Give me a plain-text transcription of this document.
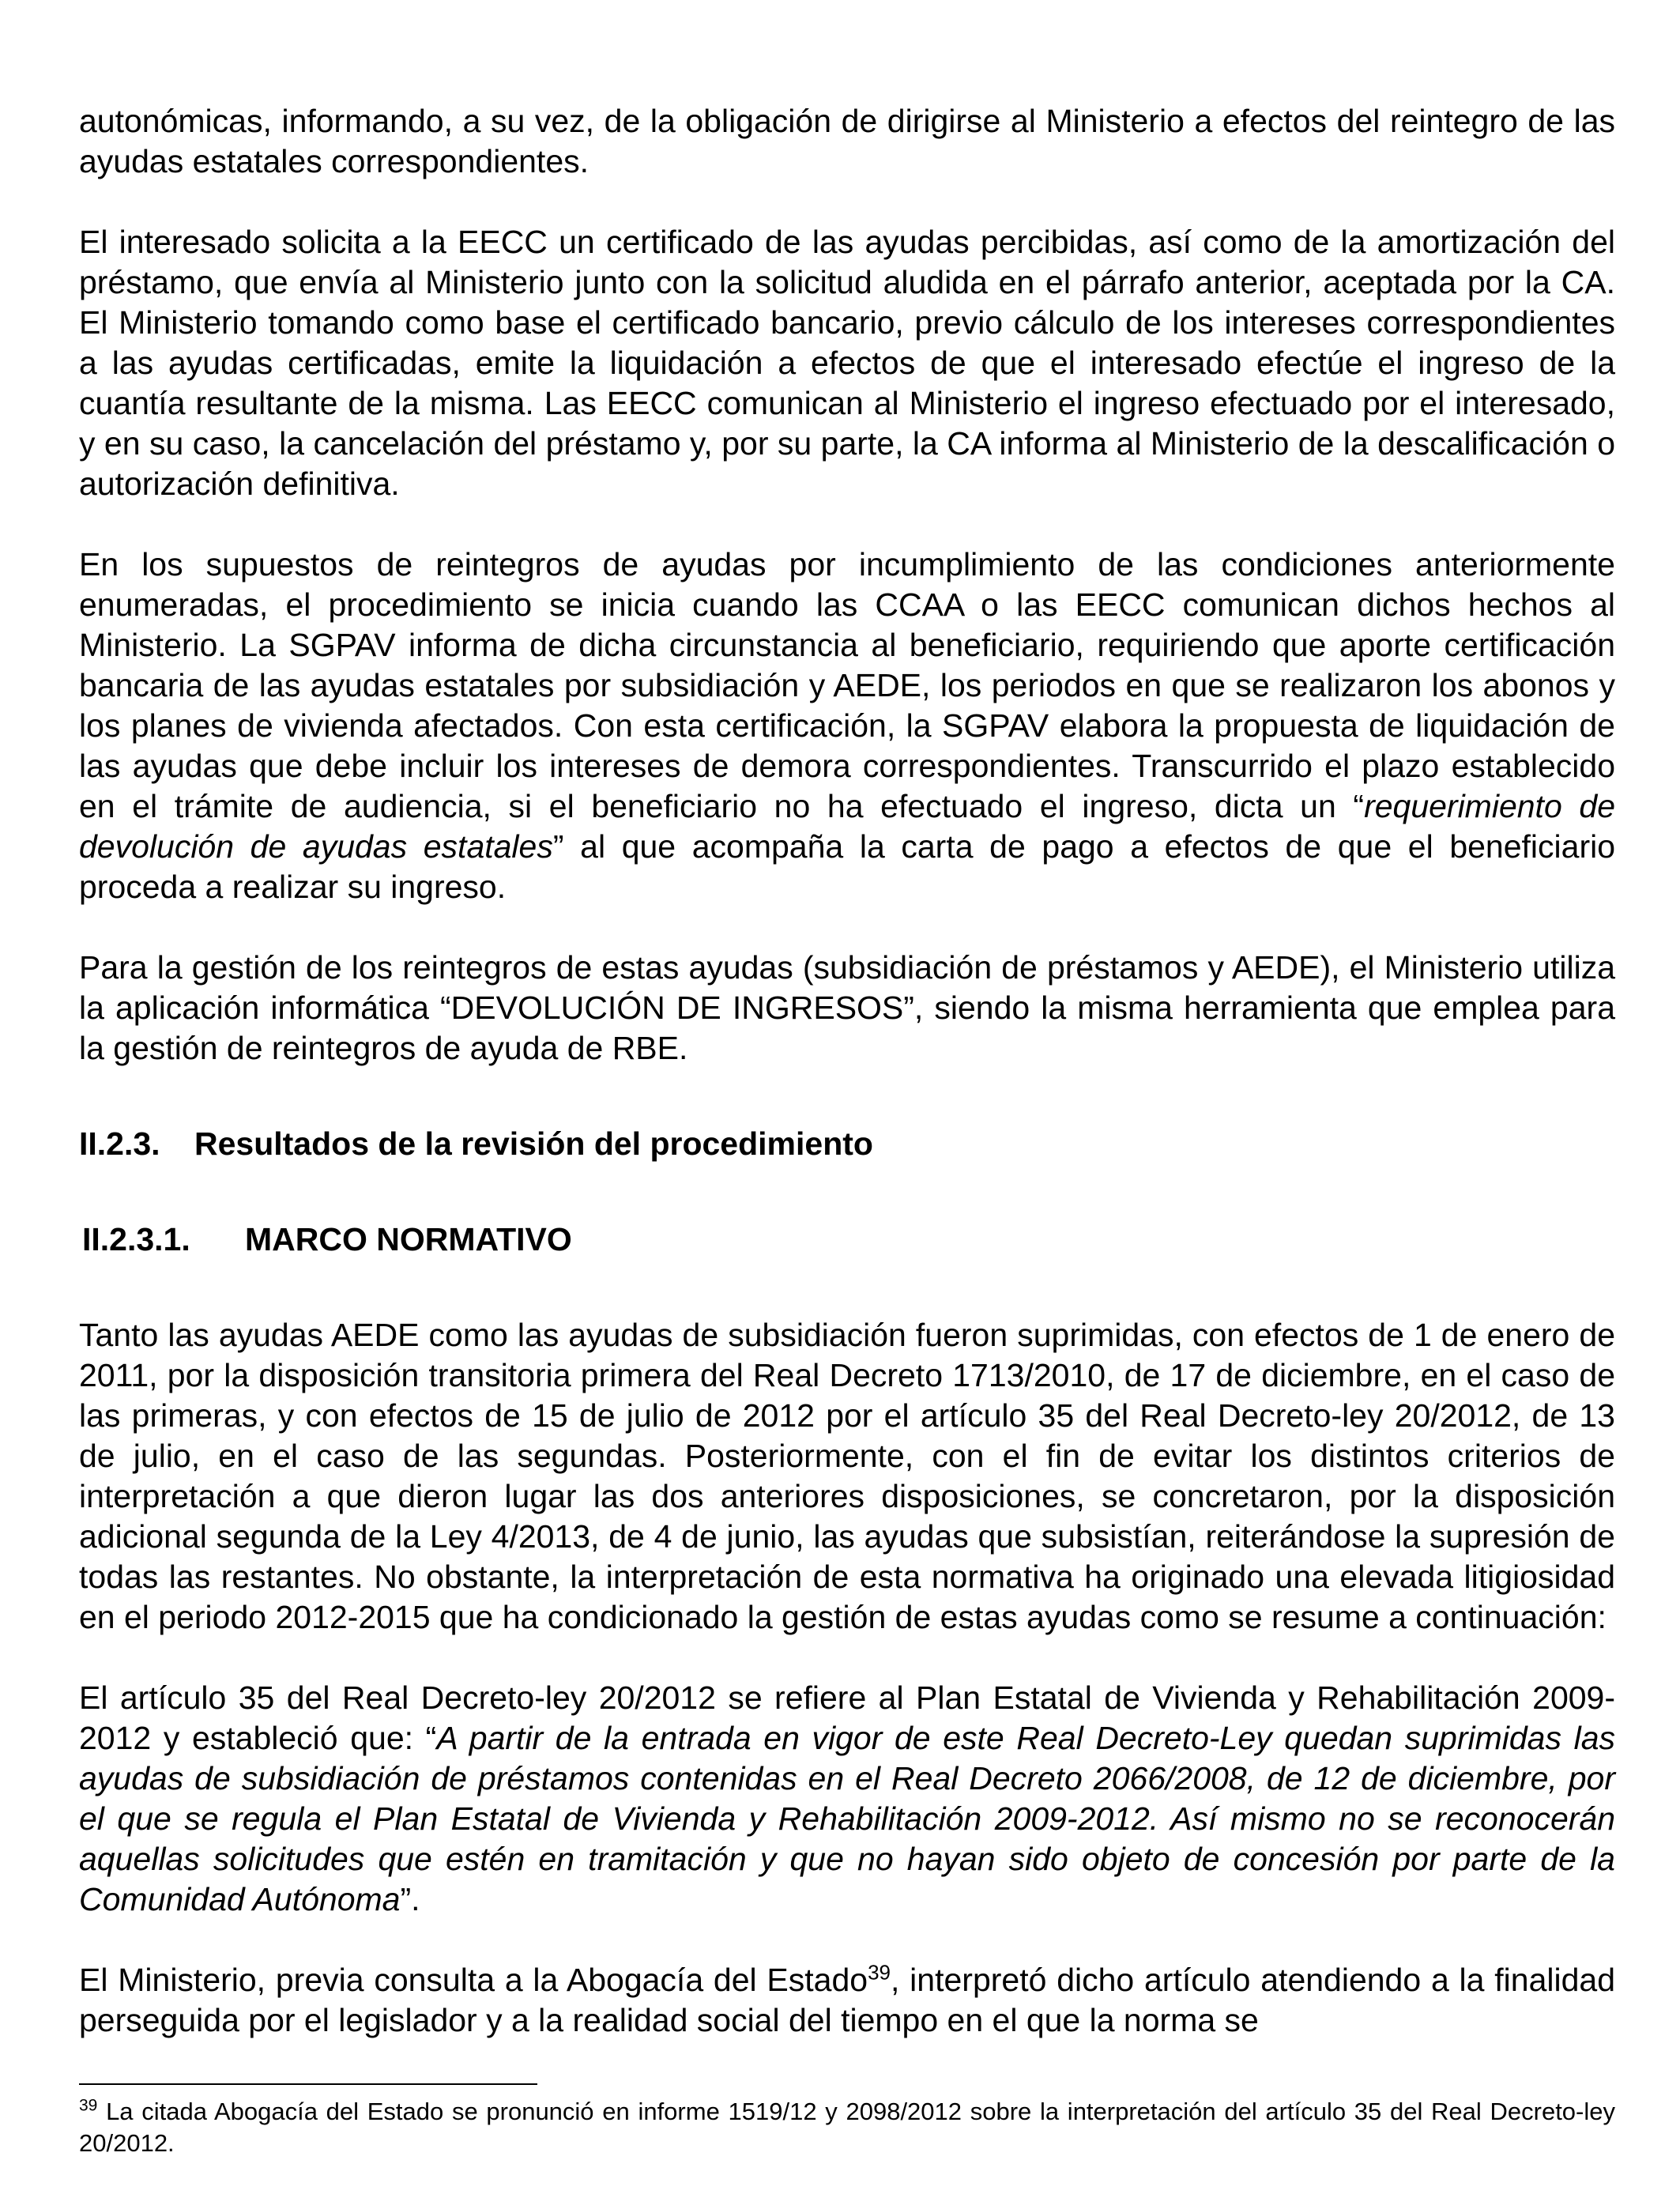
autonómicas, informando, a su vez, de la obligación de dirigirse al Ministerio a efectos del reintegro de las ayudas estatales correspondientes.

El interesado solicita a la EECC un certificado de las ayudas percibidas, así como de la amortización del préstamo, que envía al Ministerio junto con la solicitud aludida en el párrafo anterior, aceptada por la CA. El Ministerio tomando como base el certificado bancario, previo cálculo de los intereses correspondientes a las ayudas certificadas, emite la liquidación a efectos de que el interesado efectúe el ingreso de la cuantía resultante de la misma. Las EECC comunican al Ministerio el ingreso efectuado por el interesado, y en su caso, la cancelación del préstamo y, por su parte, la CA informa al Ministerio de la descalificación o autorización definitiva.

En los supuestos de reintegros de ayudas por incumplimiento de las condiciones anteriormente enumeradas, el procedimiento se inicia cuando las CCAA o las EECC comunican dichos hechos al Ministerio. La SGPAV informa de dicha circunstancia al beneficiario, requiriendo que aporte certificación bancaria de las ayudas estatales por subsidiación y AEDE, los periodos en que se realizaron los abonos y los planes de vivienda afectados. Con esta certificación, la SGPAV elabora la propuesta de liquidación de las ayudas que debe incluir los intereses de demora correspondientes. Transcurrido el plazo establecido en el trámite de audiencia, si el beneficiario no ha efectuado el ingreso, dicta un “requerimiento de devolución de ayudas estatales” al que acompaña la carta de pago a efectos de que el beneficiario proceda a realizar su ingreso.

Para la gestión de los reintegros de estas ayudas (subsidiación de préstamos y AEDE), el Ministerio utiliza la aplicación informática “DEVOLUCIÓN DE INGRESOS”, siendo la misma herramienta que emplea para la gestión de reintegros de ayuda de RBE.

II.2.3. Resultados de la revisión del procedimiento
II.2.3.1. MARCO NORMATIVO

Tanto las ayudas AEDE como las ayudas de subsidiación fueron suprimidas, con efectos de 1 de enero de 2011, por la disposición transitoria primera del Real Decreto 1713/2010, de 17 de diciembre, en el caso de las primeras, y con efectos de 15 de julio de 2012 por el artículo 35 del Real Decreto-ley 20/2012, de 13 de julio, en el caso de las segundas. Posteriormente, con el fin de evitar los distintos criterios de interpretación a que dieron lugar las dos anteriores disposiciones, se concretaron, por la disposición adicional segunda de la Ley 4/2013, de 4 de junio, las ayudas que subsistían, reiterándose la supresión de todas las restantes. No obstante, la interpretación de esta normativa ha originado una elevada litigiosidad en el periodo 2012-2015 que ha condicionado la gestión de estas ayudas como se resume a continuación:

El artículo 35 del Real Decreto-ley 20/2012 se refiere al Plan Estatal de Vivienda y Rehabilitación 2009-2012 y estableció que: “A partir de la entrada en vigor de este Real Decreto-Ley quedan suprimidas las ayudas de subsidiación de préstamos contenidas en el Real Decreto 2066/2008, de 12 de diciembre, por el que se regula el Plan Estatal de Vivienda y Rehabilitación 2009-2012. Así mismo no se reconocerán aquellas solicitudes que estén en tramitación y que no hayan sido objeto de concesión por parte de la Comunidad Autónoma”.

El Ministerio, previa consulta a la Abogacía del Estado$^{39}$, interpretó dicho artículo atendiendo a la finalidad perseguida por el legislador y a la realidad social del tiempo en el que la norma se

$^{39}$ La citada Abogacía del Estado se pronunció en informe 1519/12 y 2098/2012 sobre la interpretación del artículo 35 del Real Decreto-ley 20/2012.
